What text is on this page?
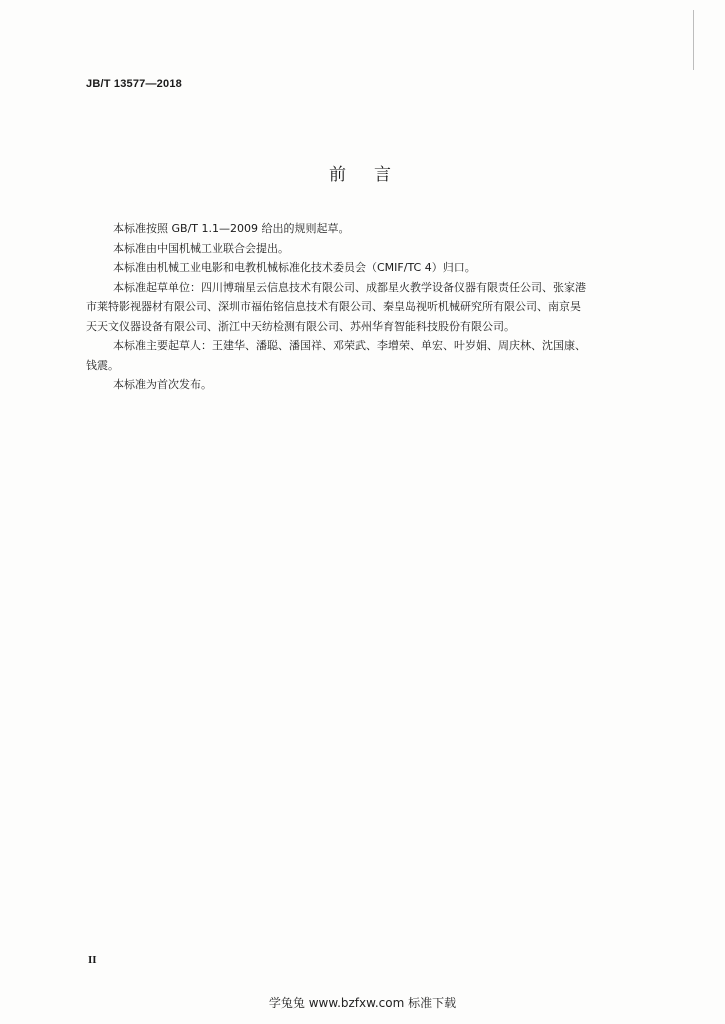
JB/T 13577—2018
前言

本标准按照 GB/T 1.1—2009 给出的规则起草。

本标准由中国机械工业联合会提出。

本标准由机械工业电影和电教机械标准化技术委员会（CMIF/TC 4）归口。

本标准起草单位：四川博瑞星云信息技术有限公司、成都星火教学设备仪器有限责任公司、张家港
市莱特影视器材有限公司、深圳市福佑铭信息技术有限公司、秦皇岛视听机械研究所有限公司、南京昊
天天文仪器设备有限公司、浙江中天纺检测有限公司、苏州华育智能科技股份有限公司。

本标准主要起草人：王建华、潘聪、潘国祥、邓荣武、李增荣、单宏、叶岁娟、周庆林、沈国康、
钱震。

本标准为首次发布。

II
学兔兔 www.bzfxw.com 标准下载
